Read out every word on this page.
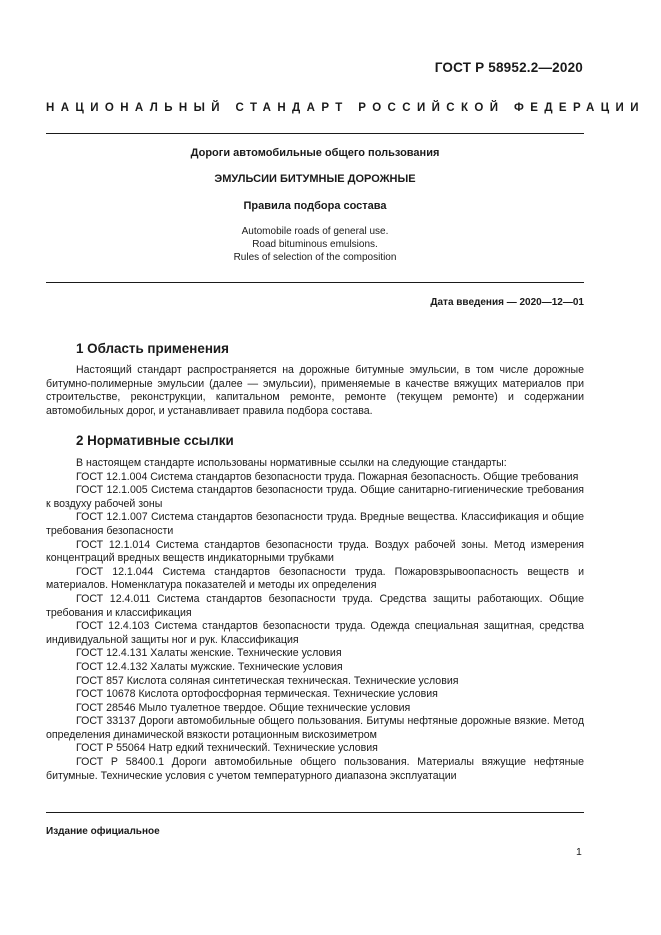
ГОСТ Р 58952.2—2020
НАЦИОНАЛЬНЫЙ СТАНДАРТ РОССИЙСКОЙ ФЕДЕРАЦИИ
Дороги автомобильные общего пользования
ЭМУЛЬСИИ БИТУМНЫЕ ДОРОЖНЫЕ
Правила подбора состава
Automobile roads of general use.
Road bituminous emulsions.
Rules of selection of the composition
Дата введения — 2020—12—01
1 Область применения

Настоящий стандарт распространяется на дорожные битумные эмульсии, в том числе дорожные битумно-полимерные эмульсии (далее — эмульсии), применяемые в качестве вяжущих материалов при строительстве, реконструкции, капитальном ремонте, ремонте (текущем ремонте) и содержании автомобильных дорог, и устанавливает правила подбора состава.

2 Нормативные ссылки

В настоящем стандарте использованы нормативные ссылки на следующие стандарты:

ГОСТ 12.1.004 Система стандартов безопасности труда. Пожарная безопасность. Общие требования

ГОСТ 12.1.005 Система стандартов безопасности труда. Общие санитарно-гигиенические требования к воздуху рабочей зоны

ГОСТ 12.1.007 Система стандартов безопасности труда. Вредные вещества. Классификация и общие требования безопасности

ГОСТ 12.1.014 Система стандартов безопасности труда. Воздух рабочей зоны. Метод измерения концентраций вредных веществ индикаторными трубками

ГОСТ 12.1.044 Система стандартов безопасности труда. Пожаровзрывоопасность веществ и материалов. Номенклатура показателей и методы их определения

ГОСТ 12.4.011 Система стандартов безопасности труда. Средства защиты работающих. Общие требования и классификация

ГОСТ 12.4.103 Система стандартов безопасности труда. Одежда специальная защитная, средства индивидуальной защиты ног и рук. Классификация

ГОСТ 12.4.131 Халаты женские. Технические условия

ГОСТ 12.4.132 Халаты мужские. Технические условия

ГОСТ 857 Кислота соляная синтетическая техническая. Технические условия

ГОСТ 10678 Кислота ортофосфорная термическая. Технические условия

ГОСТ 28546 Мыло туалетное твердое. Общие технические условия

ГОСТ 33137 Дороги автомобильные общего пользования. Битумы нефтяные дорожные вязкие. Метод определения динамической вязкости ротационным вискозиметром

ГОСТ Р 55064 Натр едкий технический. Технические условия

ГОСТ Р 58400.1 Дороги автомобильные общего пользования. Материалы вяжущие нефтяные битумные. Технические условия с учетом температурного диапазона эксплуатации

Издание официальное
1
